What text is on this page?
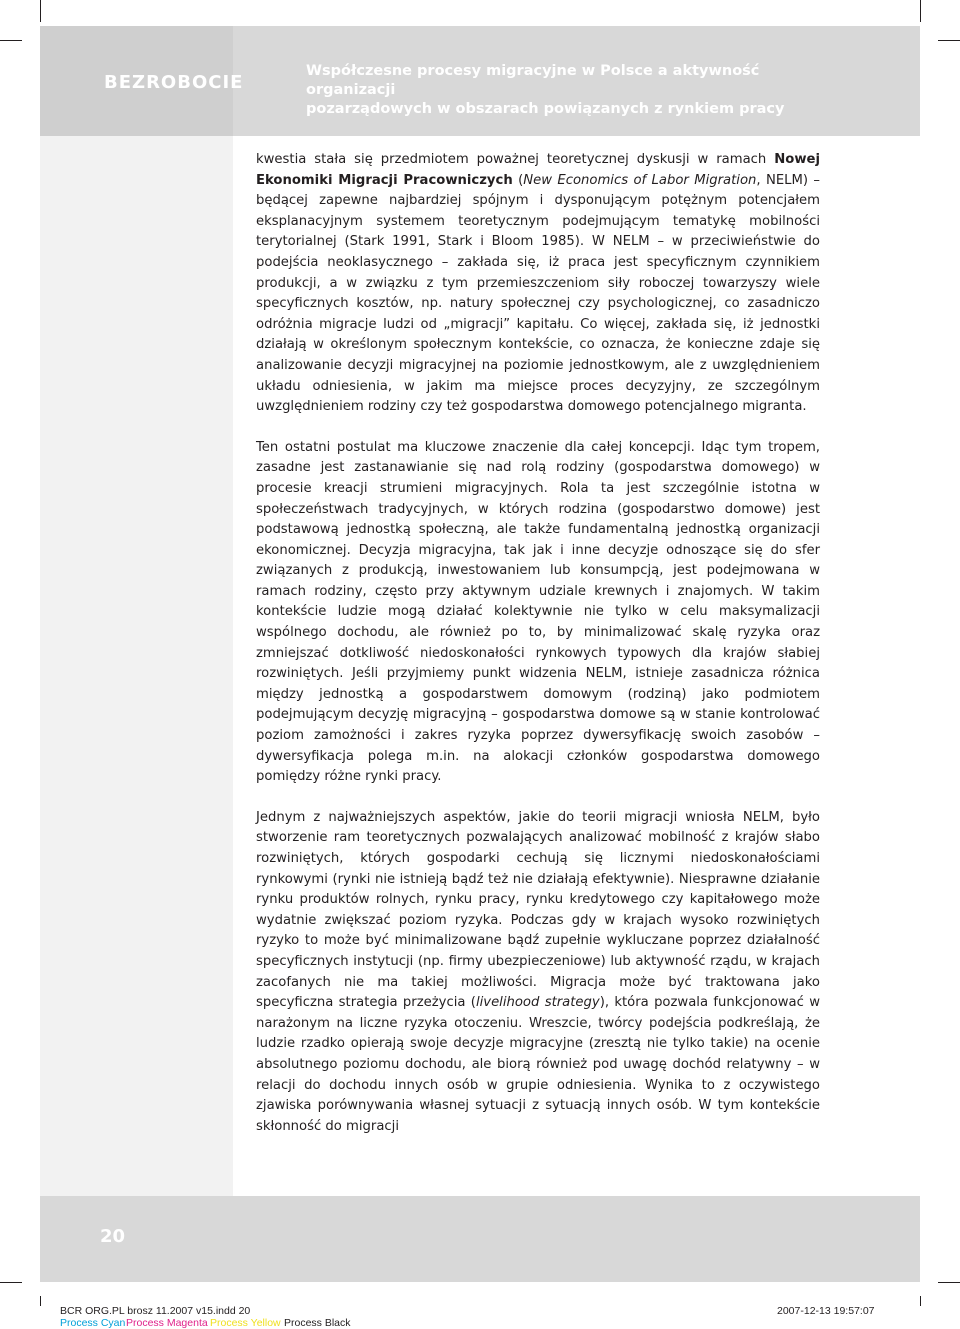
BEZROBOCIE
Współczesne procesy migracyjne w Polsce a aktywność organizacji
pozarządowych w obszarach powiązanych z rynkiem pracy

kwestia stała się przedmiotem poważnej teoretycznej dyskusji w ramach Nowej Ekonomiki Migracji Pracowniczych (New Economics of Labor Migration, NELM) – będącej zapewne najbardziej spójnym i dysponującym potężnym potencjałem eksplanacyjnym systemem teoretycznym podejmującym tematykę mobilności terytorialnej (Stark 1991, Stark i Bloom 1985). W NELM – w przeciwieństwie do podejścia neoklasycznego – zakłada się, iż praca jest specyficznym czynnikiem produkcji, a w związku z tym przemieszczeniom siły roboczej towarzyszy wiele specyficznych kosztów, np. natury społecznej czy psychologicznej, co zasadniczo odróżnia migracje ludzi od „migracji” kapitału. Co więcej, zakłada się, iż jednostki działają w określonym społecznym kontekście, co oznacza, że konieczne zdaje się analizowanie decyzji migracyjnej na poziomie jednostkowym, ale z uwzględnieniem układu odniesienia, w jakim ma miejsce proces decyzyjny, ze szczególnym uwzględnieniem rodziny czy też gospodarstwa domowego potencjalnego migranta.

Ten ostatni postulat ma kluczowe znaczenie dla całej koncepcji. Idąc tym tropem, zasadne jest zastanawianie się nad rolą rodziny (gospodarstwa domowego) w procesie kreacji strumieni migracyjnych. Rola ta jest szczególnie istotna w społeczeństwach tradycyjnych, w których rodzina (gospodarstwo domowe) jest podstawową jednostką społeczną, ale także fundamentalną jednostką organizacji ekonomicznej. Decyzja migracyjna, tak jak i inne decyzje odnoszące się do sfer związanych z produkcją, inwestowaniem lub konsumpcją, jest podejmowana w ramach rodziny, często przy aktywnym udziale krewnych i znajomych. W takim kontekście ludzie mogą działać kolektywnie nie tylko w celu maksymalizacji wspólnego dochodu, ale również po to, by minimalizować skalę ryzyka oraz zmniejszać dotkliwość niedoskonałości rynkowych typowych dla krajów słabiej rozwiniętych. Jeśli przyjmiemy punkt widzenia NELM, istnieje zasadnicza różnica między jednostką a gospodarstwem domowym (rodziną) jako podmiotem podejmującym decyzję migracyjną – gospodarstwa domowe są w stanie kontrolować poziom zamożności i zakres ryzyka poprzez dywersyfikację swoich zasobów – dywersyfikacja polega m.in. na alokacji członków gospodarstwa domowego pomiędzy różne rynki pracy.

Jednym z najważniejszych aspektów, jakie do teorii migracji wniosła NELM, było stworzenie ram teoretycznych pozwalających analizować mobilność z krajów słabo rozwiniętych, których gospodarki cechują się licznymi niedoskonałościami rynkowymi (rynki nie istnieją bądź też nie działają efektywnie). Niesprawne działanie rynku produktów rolnych, rynku pracy, rynku kredytowego czy kapitałowego może wydatnie zwiększać poziom ryzyka. Podczas gdy w krajach wysoko rozwiniętych ryzyko to może być minimalizowane bądź zupełnie wykluczane poprzez działalność specyficznych instytucji (np. firmy ubezpieczeniowe) lub aktywność rządu, w krajach zacofanych nie ma takiej możliwości. Migracja może być traktowana jako specyficzna strategia przeżycia (livelihood strategy), która pozwala funkcjonować w narażonym na liczne ryzyka otoczeniu. Wreszcie, twórcy podejścia podkreślają, że ludzie rzadko opierają swoje decyzje migracyjne (zresztą nie tylko takie) na ocenie absolutnego poziomu dochodu, ale biorą również pod uwagę dochód relatywny – w relacji do dochodu innych osób w grupie odniesienia. Wynika to z oczywistego zjawiska porównywania własnej sytuacji z sytuacją innych osób. W tym kontekście skłonność do migracji

20
BCR ORG.PL brosz 11.2007 v15.indd 20	2007-12-13 19:57:07
Process Cyan Process Magenta Process Yellow Process Black
